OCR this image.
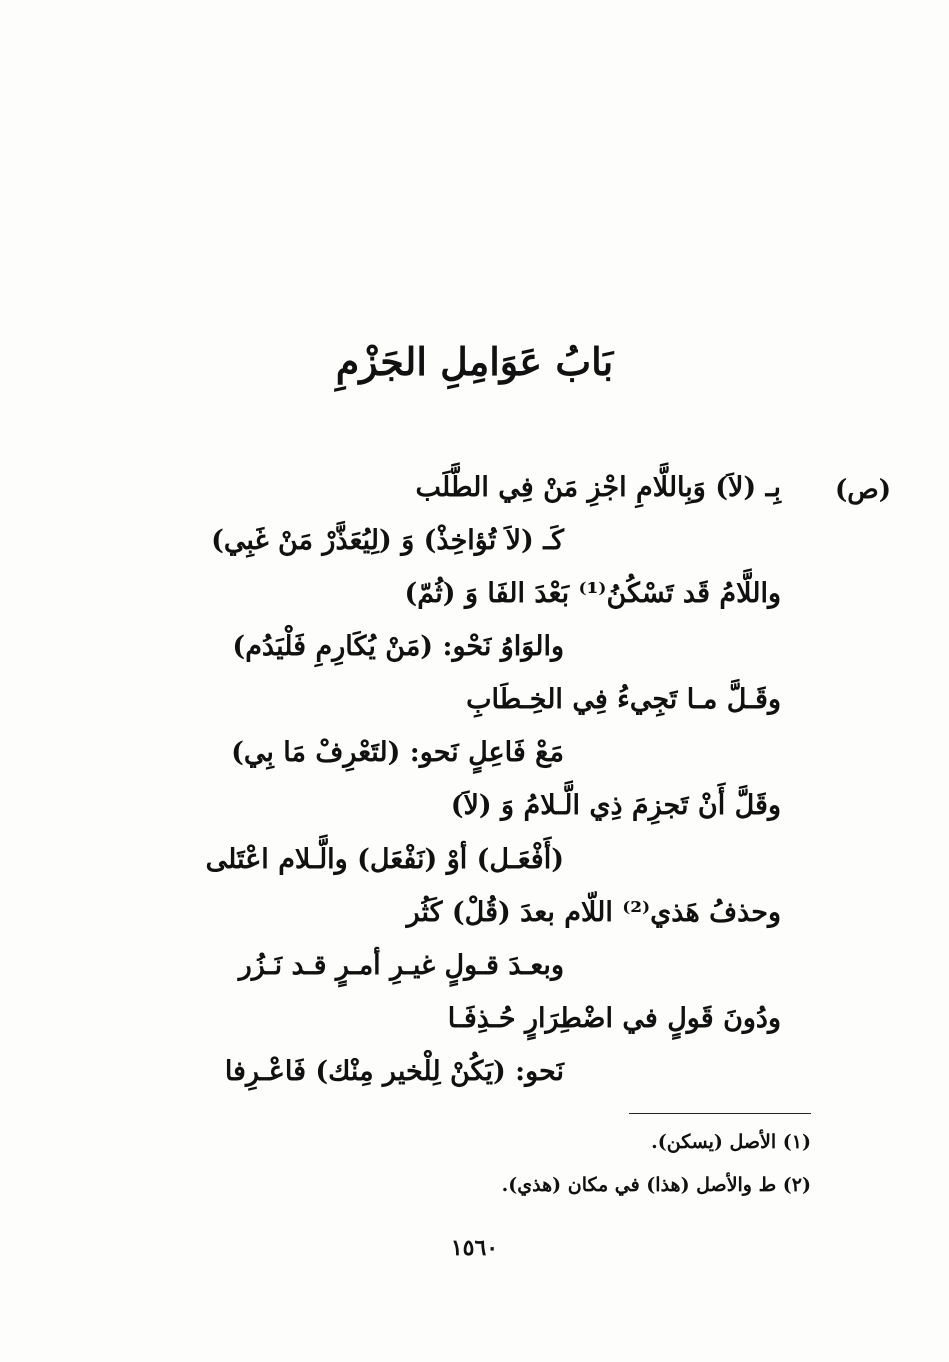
بَابُ عَوَامِلِ الجَزْمِ
(ص)
بِـ (لاَ) وَبِاللَّامِ اجْزِ مَنْ فِي الطَّلَب
كَـ (لاَ تُؤاخِذْ) وَ (لِيُعَذَّرْ مَنْ غَبِي)
واللَّامُ قَد تَسْكُنُ⁽¹⁾ بَعْدَ الفَا وَ (ثُمّ)
والوَاوُ نَحْو: (مَنْ يُكَارِمِ فَلْيَدُم)
وقَـلَّ مـا تَجِيءُ فِي الخِـطَابِ
مَعْ فَاعِلٍ نَحو: (لتَعْرِفْ مَا بِي)
وقَلَّ أَنْ تَجزِمَ ذِي الَّـلامُ وَ (لاَ)
(أَفْعَـل) أوْ (نَفْعَل) والَّـلام اعْتَلى
وحذفُ هَذي⁽²⁾ اللّام بعدَ (قُلْ) كَثُر
وبعـدَ قـولٍ غيـرِ أمـرٍ قـد نَـزُر
ودُونَ قَولٍ في اضْطِرَارٍ حُـذِفَـا
نَحو: (يَكُنْ لِلْخير مِنْك) فَاعْـرِفا
(١) الأصل (يسكن).
(٢) ط والأصل (هذا) في مكان (هذي).
١٥٦٠
